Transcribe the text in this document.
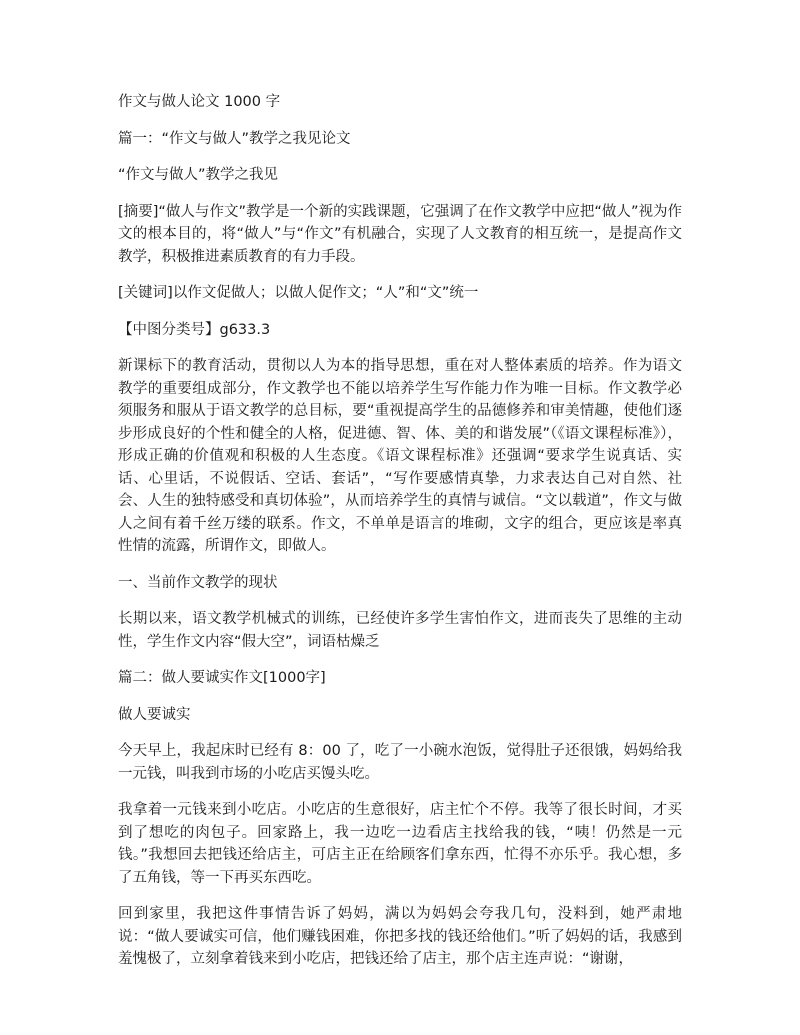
作文与做人论文 1000 字

篇一：“作文与做人”教学之我见论文

“作文与做人”教学之我见

[摘要]“做人与作文”教学是一个新的实践课题，它强调了在作文教学中应把“做人”视为作文的根本目的，将“做人”与“作文”有机融合，实现了人文教育的相互统一，是提高作文教学，积极推进素质教育的有力手段。

[关键词]以作文促做人；以做人促作文；“人”和“文”统一

【中图分类号】g633.3

新课标下的教育活动，贯彻以人为本的指导思想，重在对人整体素质的培养。作为语文教学的重要组成部分，作文教学也不能以培养学生写作能力作为唯一目标。作文教学必须服务和服从于语文教学的总目标，要“重视提高学生的品德修养和审美情趣，使他们逐步形成良好的个性和健全的人格，促进德、智、体、美的和谐发展”（《语文课程标准》），形成正确的价值观和积极的人生态度。《语文课程标准》还强调“要求学生说真话、实话、心里话，不说假话、空话、套话”，“写作要感情真挚，力求表达自己对自然、社会、人生的独特感受和真切体验”，从而培养学生的真情与诚信。“文以载道”，作文与做人之间有着千丝万缕的联系。作文，不单单是语言的堆砌，文字的组合，更应该是率真性情的流露，所谓作文，即做人。

一、当前作文教学的现状

长期以来，语文教学机械式的训练，已经使许多学生害怕作文，进而丧失了思维的主动性，学生作文内容“假大空”，词语枯燥乏

篇二：做人要诚实作文[1000字]

做人要诚实

今天早上，我起床时已经有 8：00 了，吃了一小碗水泡饭，觉得肚子还很饿，妈妈给我一元钱，叫我到市场的小吃店买馒头吃。

我拿着一元钱来到小吃店。小吃店的生意很好，店主忙个不停。我等了很长时间，才买到了想吃的肉包子。回家路上，我一边吃一边看店主找给我的钱，“咦！仍然是一元钱。”我想回去把钱还给店主，可店主正在给顾客们拿东西，忙得不亦乐乎。我心想，多了五角钱，等一下再买东西吃。

回到家里，我把这件事情告诉了妈妈，满以为妈妈会夸我几句，没料到，她严肃地说：“做人要诚实可信，他们赚钱困难，你把多找的钱还给他们。”听了妈妈的话，我感到羞愧极了，立刻拿着钱来到小吃店，把钱还给了店主，那个店主连声说：“谢谢，
